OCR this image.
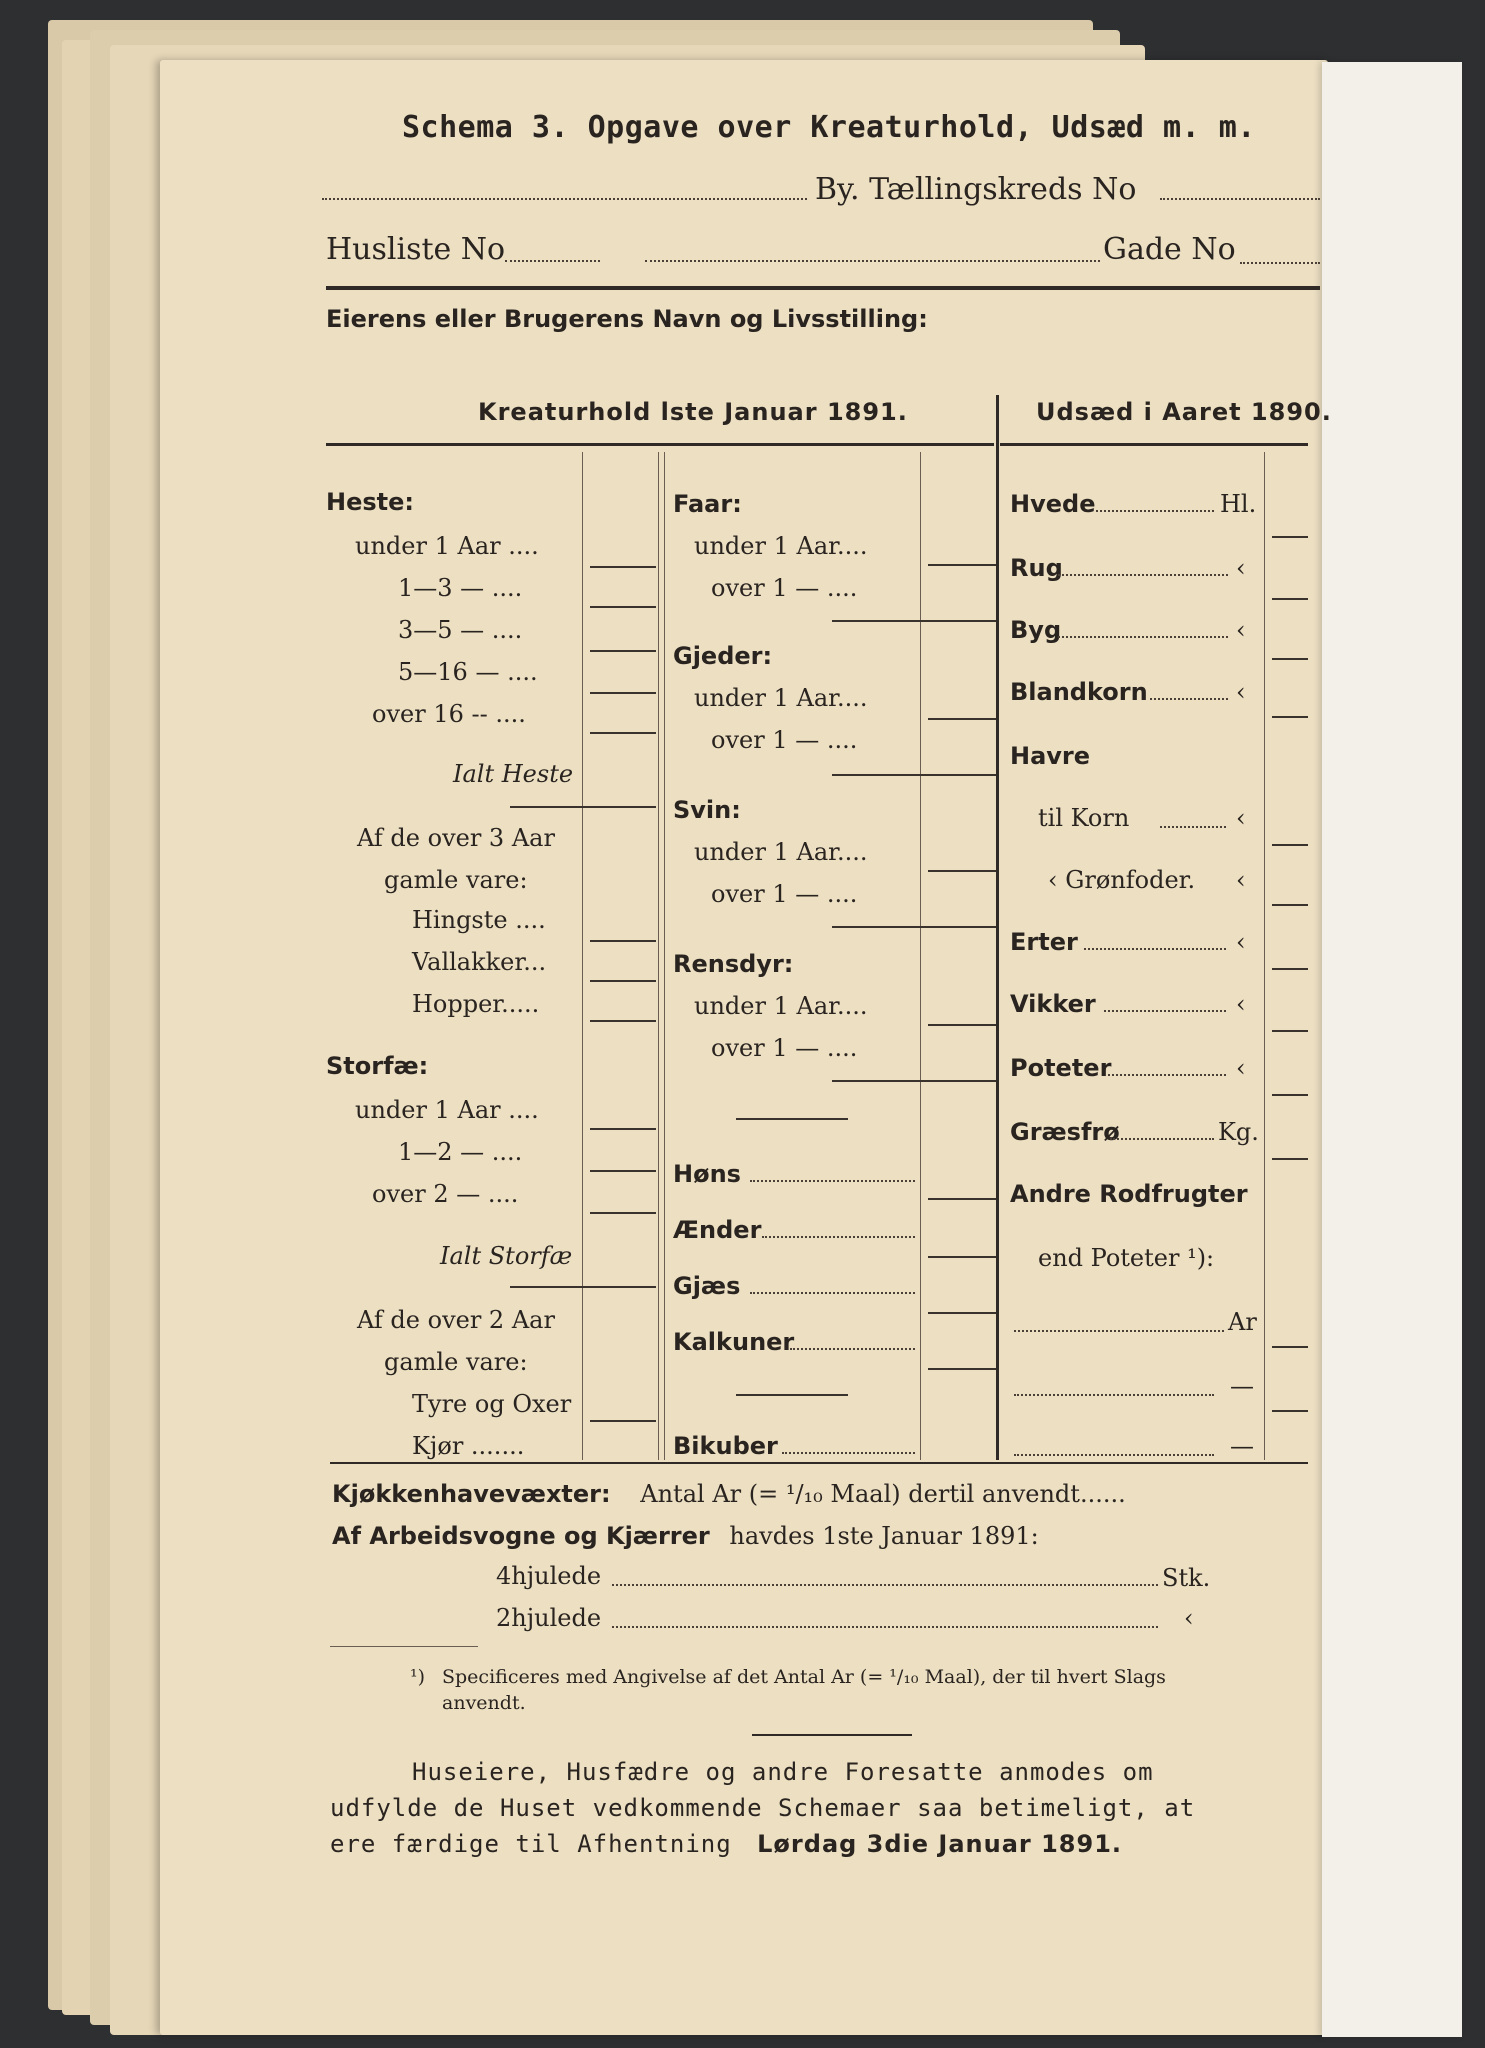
Schema 3. Opgave over Kreaturhold, Udsæd m. m.
By. Tællingskreds No
Husliste No	Gade No
Eierens eller Brugerens Navn og Livsstilling:
Kreaturhold lste Januar 1891.	Udsæd i Aaret 1890.
Heste:
under 1 Aar ....
1—3 — ....
3—5 — ....
5—16 — ....
over 16 -- ....
Ialt Heste
Af de over 3 Aar
gamle vare:
Hingste ....
Vallakker...
Hopper.....
Storfæ:
under 1 Aar ....
1—2 — ....
over 2 — ....
Ialt Storfæ
Af de over 2 Aar
gamle vare:
Tyre og Oxer
Kjør .......
Faar:
under 1 Aar....
over 1 — ....
Gjeder:
under 1 Aar....
over 1 — ....
Svin:
under 1 Aar....
over 1 — ....
Rensdyr:
under 1 Aar....
over 1 — ....
Høns
Ænder
Gjæs
Kalkuner
Bikuber
Hvede	Hl.
Rug	‹
Byg	‹
Blandkorn	‹
Havre
til Korn	‹
‹ Grønfoder. ‹
Erter	‹
Vikker	‹
Poteter	‹
Græsfrø	Kg.
Andre Rodfrugter
end Poteter ¹):
Ar
—
—
Kjøkkenhavevæxter: Antal Ar (= ¹/₁₀ Maal) dertil anvendt......
Af Arbeidsvogne og Kjærrer havdes 1ste Januar 1891:
4hjulede	Stk.
2hjulede	‹
¹) Specificeres med Angivelse af det Antal Ar (= ¹/₁₀ Maal), der til hvert Slags
anvendt.
Huseiere, Husfædre og andre Foresatte anmodes om
udfylde de Huset vedkommende Schemaer saa betimeligt, at
ere færdige til Afhentning Lørdag 3die Januar 1891.
